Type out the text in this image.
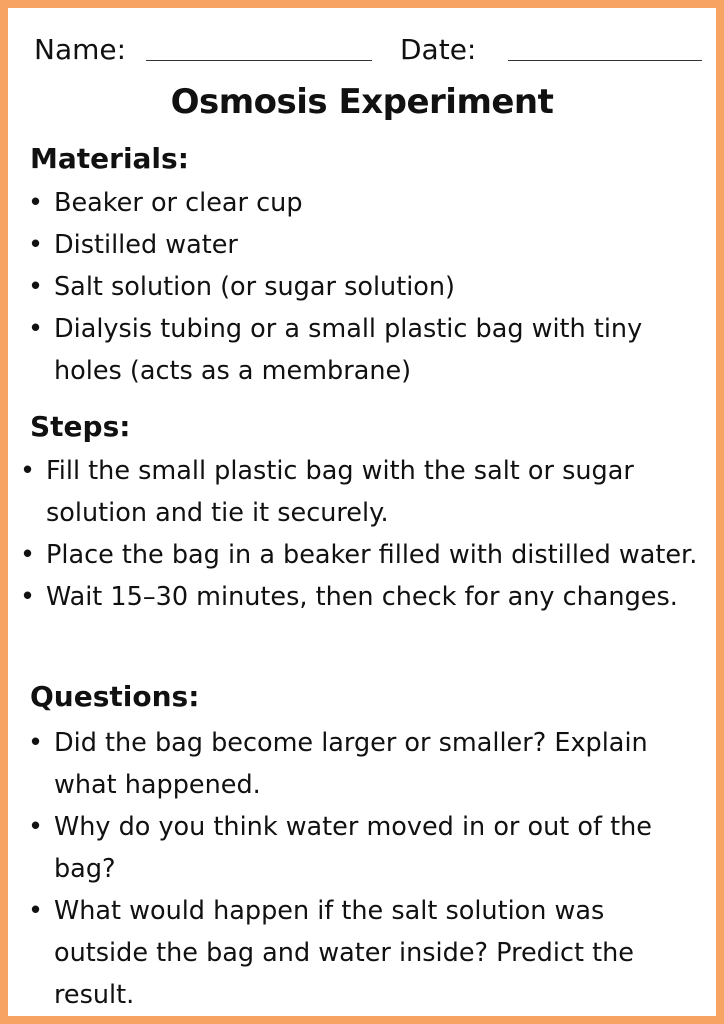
Name:	Date:
Osmosis Experiment
Materials:
• Beaker or clear cup
• Distilled water
• Salt solution (or sugar solution)
• Dialysis tubing or a small plastic bag with tiny holes (acts as a membrane)
Steps:
• Fill the small plastic bag with the salt or sugar solution and tie it securely.
• Place the bag in a beaker filled with distilled water.
• Wait 15–30 minutes, then check for any changes.
Questions:
• Did the bag become larger or smaller? Explain what happened.
• Why do you think water moved in or out of the bag?
• What would happen if the salt solution was outside the bag and water inside? Predict the result.
